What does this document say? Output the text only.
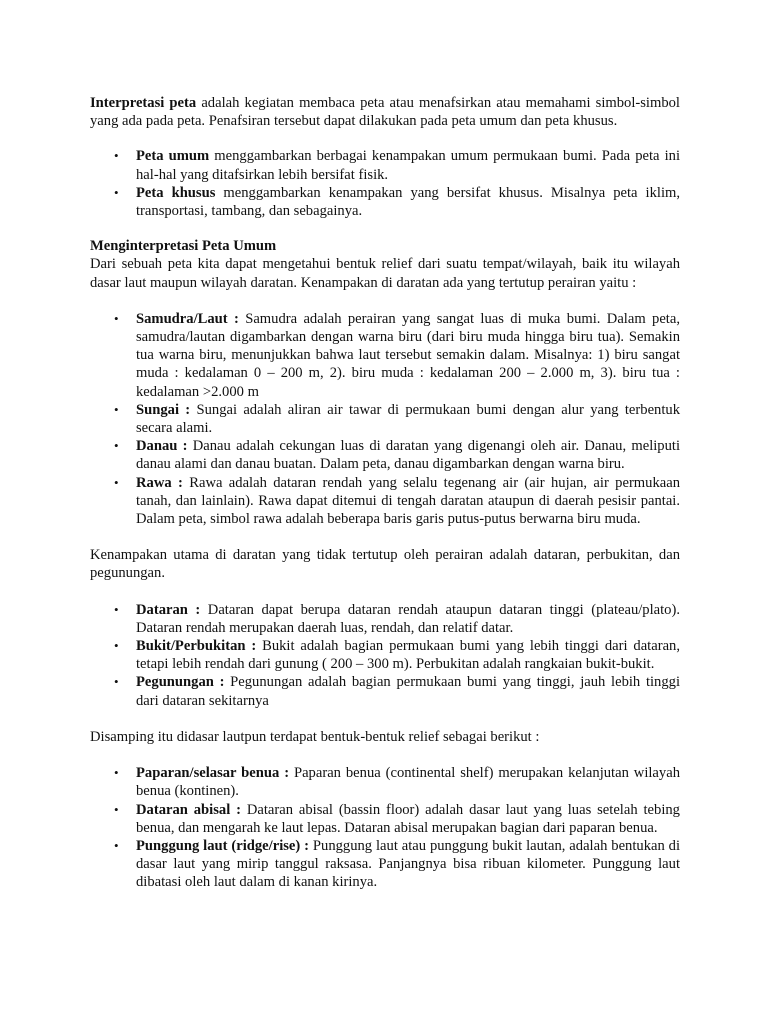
Interpretasi peta adalah kegiatan membaca peta atau menafsirkan atau memahami simbol-simbol yang ada pada peta. Penafsiran tersebut dapat dilakukan pada peta umum dan peta khusus.

• Peta umum menggambarkan berbagai kenampakan umum permukaan bumi. Pada peta ini hal-hal yang ditafsirkan lebih bersifat fisik.
• Peta khusus menggambarkan kenampakan yang bersifat khusus. Misalnya peta iklim, transportasi, tambang, dan sebagainya.
Menginterpretasi Peta Umum

Dari sebuah peta kita dapat mengetahui bentuk relief dari suatu tempat/wilayah, baik itu wilayah dasar laut maupun wilayah daratan. Kenampakan di daratan ada yang tertutup perairan yaitu :

• Samudra/Laut : Samudra adalah perairan yang sangat luas di muka bumi. Dalam peta, samudra/lautan digambarkan dengan warna biru (dari biru muda hingga biru tua). Semakin tua warna biru, menunjukkan bahwa laut tersebut semakin dalam. Misalnya: 1) biru sangat muda : kedalaman 0 – 200 m, 2). biru muda : kedalaman 200 – 2.000 m, 3). biru tua : kedalaman >2.000 m
• Sungai : Sungai adalah aliran air tawar di permukaan bumi dengan alur yang terbentuk secara alami.
• Danau : Danau adalah cekungan luas di daratan yang digenangi oleh air. Danau, meliputi danau alami dan danau buatan. Dalam peta, danau digambarkan dengan warna biru.
• Rawa : Rawa adalah dataran rendah yang selalu tegenang air (air hujan, air permukaan tanah, dan lainlain). Rawa dapat ditemui di tengah daratan ataupun di daerah pesisir pantai. Dalam peta, simbol rawa adalah beberapa baris garis putus-putus berwarna biru muda.

Kenampakan utama di daratan yang tidak tertutup oleh perairan adalah dataran, perbukitan, dan pegunungan.

• Dataran : Dataran dapat berupa dataran rendah ataupun dataran tinggi (plateau/plato). Dataran rendah merupakan daerah luas, rendah, dan relatif datar.
• Bukit/Perbukitan : Bukit adalah bagian permukaan bumi yang lebih tinggi dari dataran, tetapi lebih rendah dari gunung ( 200 – 300 m). Perbukitan adalah rangkaian bukit-bukit.
• Pegunungan : Pegunungan adalah bagian permukaan bumi yang tinggi, jauh lebih tinggi dari dataran sekitarnya

Disamping itu didasar lautpun terdapat bentuk-bentuk relief sebagai berikut :

• Paparan/selasar benua : Paparan benua (continental shelf) merupakan kelanjutan wilayah benua (kontinen).
• Dataran abisal : Dataran abisal (bassin floor) adalah dasar laut yang luas setelah tebing benua, dan mengarah ke laut lepas. Dataran abisal merupakan bagian dari paparan benua.
• Punggung laut (ridge/rise) : Punggung laut atau punggung bukit lautan, adalah bentukan di dasar laut yang mirip tanggul raksasa. Panjangnya bisa ribuan kilometer. Punggung laut dibatasi oleh laut dalam di kanan kirinya.
